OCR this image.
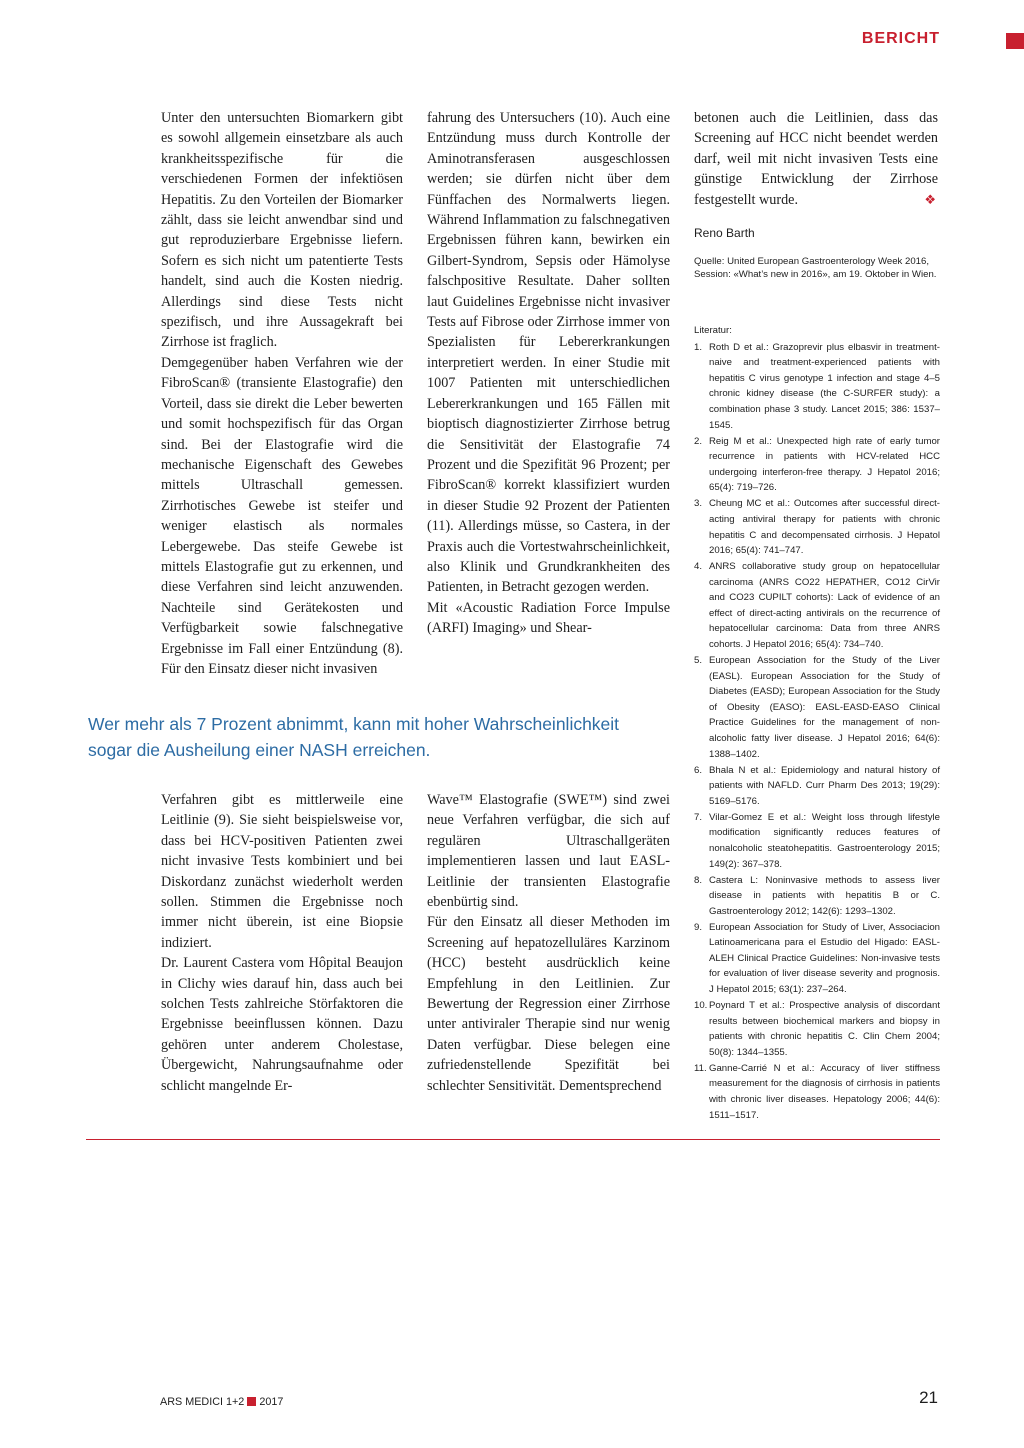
BERICHT

Unter den untersuchten Biomarkern gibt es sowohl allgemein einsetzbare als auch krankheitsspezifische für die verschiedenen Formen der infektiösen Hepatitis. Zu den Vorteilen der Biomarker zählt, dass sie leicht anwendbar sind und gut reproduzierbare Ergebnisse liefern. Sofern es sich nicht um patentierte Tests handelt, sind auch die Kosten niedrig. Allerdings sind diese Tests nicht spezifisch, und ihre Aussagekraft bei Zirrhose ist fraglich.

Demgegenüber haben Verfahren wie der FibroScan® (transiente Elastografie) den Vorteil, dass sie direkt die Leber bewerten und somit hochspezifisch für das Organ sind. Bei der Elastografie wird die mechanische Eigenschaft des Gewebes mittels Ultraschall gemessen. Zirrhotisches Gewebe ist steifer und weniger elastisch als normales Lebergewebe. Das steife Gewebe ist mittels Elastografie gut zu erkennen, und diese Verfahren sind leicht anzuwenden. Nachteile sind Gerätekosten und Verfügbarkeit sowie falschnegative Ergebnisse im Fall einer Entzündung (8). Für den Einsatz dieser nicht invasiven

fahrung des Untersuchers (10). Auch eine Entzündung muss durch Kontrolle der Aminotransferasen ausgeschlossen werden; sie dürfen nicht über dem Fünffachen des Normalwerts liegen. Während Inflammation zu falschnegativen Ergebnissen führen kann, bewirken ein Gilbert-Syndrom, Sepsis oder Hämolyse falschpositive Resultate. Daher sollten laut Guidelines Ergebnisse nicht invasiver Tests auf Fibrose oder Zirrhose immer von Spezialisten für Lebererkrankungen interpretiert werden. In einer Studie mit 1007 Patienten mit unterschiedlichen Lebererkrankungen und 165 Fällen mit bioptisch diagnostizierter Zirrhose betrug die Sensitivität der Elastografie 74 Prozent und die Spezifität 96 Prozent; per FibroScan® korrekt klassifiziert wurden in dieser Studie 92 Prozent der Patienten (11). Allerdings müsse, so Castera, in der Praxis auch die Vortestwahrscheinlichkeit, also Klinik und Grundkrankheiten des Patienten, in Betracht gezogen werden.

Mit «Acoustic Radiation Force Impulse (ARFI) Imaging» und Shear-

betonen auch die Leitlinien, dass das Screening auf HCC nicht beendet werden darf, weil mit nicht invasiven Tests eine günstige Entwicklung der Zirrhose festgestellt wurde.	❖

Reno Barth
Quelle: United European Gastroenterology Week 2016, Session: «What’s new in 2016», am 19. Oktober in Wien.
Literatur:
1. Roth D et al.: Grazoprevir plus elbasvir in treatment-naive and treatment-experienced patients with hepatitis C virus genotype 1 infection and stage 4–5 chronic kidney disease (the C-SURFER study): a combination phase 3 study. Lancet 2015; 386: 1537–1545.
2. Reig M et al.: Unexpected high rate of early tumor recurrence in patients with HCV-related HCC undergoing interferon-free therapy. J Hepatol 2016; 65(4): 719–726.
3. Cheung MC et al.: Outcomes after successful direct-acting antiviral therapy for patients with chronic hepatitis C and decompensated cirrhosis. J Hepatol 2016; 65(4): 741–747.
4. ANRS collaborative study group on hepatocellular carcinoma (ANRS CO22 HEPATHER, CO12 CirVir and CO23 CUPILT cohorts): Lack of evidence of an effect of direct-acting antivirals on the recurrence of hepatocellular carcinoma: Data from three ANRS cohorts. J Hepatol 2016; 65(4): 734–740.
5. European Association for the Study of the Liver (EASL). European Association for the Study of Diabetes (EASD); European Association for the Study of Obesity (EASO): EASL-EASD-EASO Clinical Practice Guidelines for the management of non-alcoholic fatty liver disease. J Hepatol 2016; 64(6): 1388–1402.
6. Bhala N et al.: Epidemiology and natural history of patients with NAFLD. Curr Pharm Des 2013; 19(29): 5169–5176.
7. Vilar-Gomez E et al.: Weight loss through lifestyle modification significantly reduces features of nonalcoholic steatohepatitis. Gastroenterology 2015; 149(2): 367–378.
8. Castera L: Noninvasive methods to assess liver disease in patients with hepatitis B or C. Gastroenterology 2012; 142(6): 1293–1302.
9. European Association for Study of Liver, Associacion Latinoamericana para el Estudio del Higado: EASL-ALEH Clinical Practice Guidelines: Non-invasive tests for evaluation of liver disease severity and prognosis. J Hepatol 2015; 63(1): 237–264.
10. Poynard T et al.: Prospective analysis of discordant results between biochemical markers and biopsy in patients with chronic hepatitis C. Clin Chem 2004; 50(8): 1344–1355.
11. Ganne-Carrié N et al.: Accuracy of liver stiffness measurement for the diagnosis of cirrhosis in patients with chronic liver diseases. Hepatology 2006; 44(6): 1511–1517.
Wer mehr als 7 Prozent abnimmt, kann mit hoher Wahrscheinlichkeit
sogar die Ausheilung einer NASH erreichen.

Verfahren gibt es mittlerweile eine Leitlinie (9). Sie sieht beispielsweise vor, dass bei HCV-positiven Patienten zwei nicht invasive Tests kombiniert und bei Diskordanz zunächst wiederholt werden sollen. Stimmen die Ergebnisse noch immer nicht überein, ist eine Biopsie indiziert.

Dr. Laurent Castera vom Hôpital Beaujon in Clichy wies darauf hin, dass auch bei solchen Tests zahlreiche Störfaktoren die Ergebnisse beeinflussen können. Dazu gehören unter anderem Cholestase, Übergewicht, Nahrungsaufnahme oder schlicht mangelnde Er-

Wave™ Elastografie (SWE™) sind zwei neue Verfahren verfügbar, die sich auf regulären Ultraschallgeräten implementieren lassen und laut EASL-Leitlinie der transienten Elastografie ebenbürtig sind.

Für den Einsatz all dieser Methoden im Screening auf hepatozelluläres Karzinom (HCC) besteht ausdrücklich keine Empfehlung in den Leitlinien. Zur Bewertung der Regression einer Zirrhose unter antiviraler Therapie sind nur wenig Daten verfügbar. Diese belegen eine zufriedenstellende Spezifität bei schlechter Sensitivität. Dementsprechend

ARS MEDICI 1+2 2017	21
